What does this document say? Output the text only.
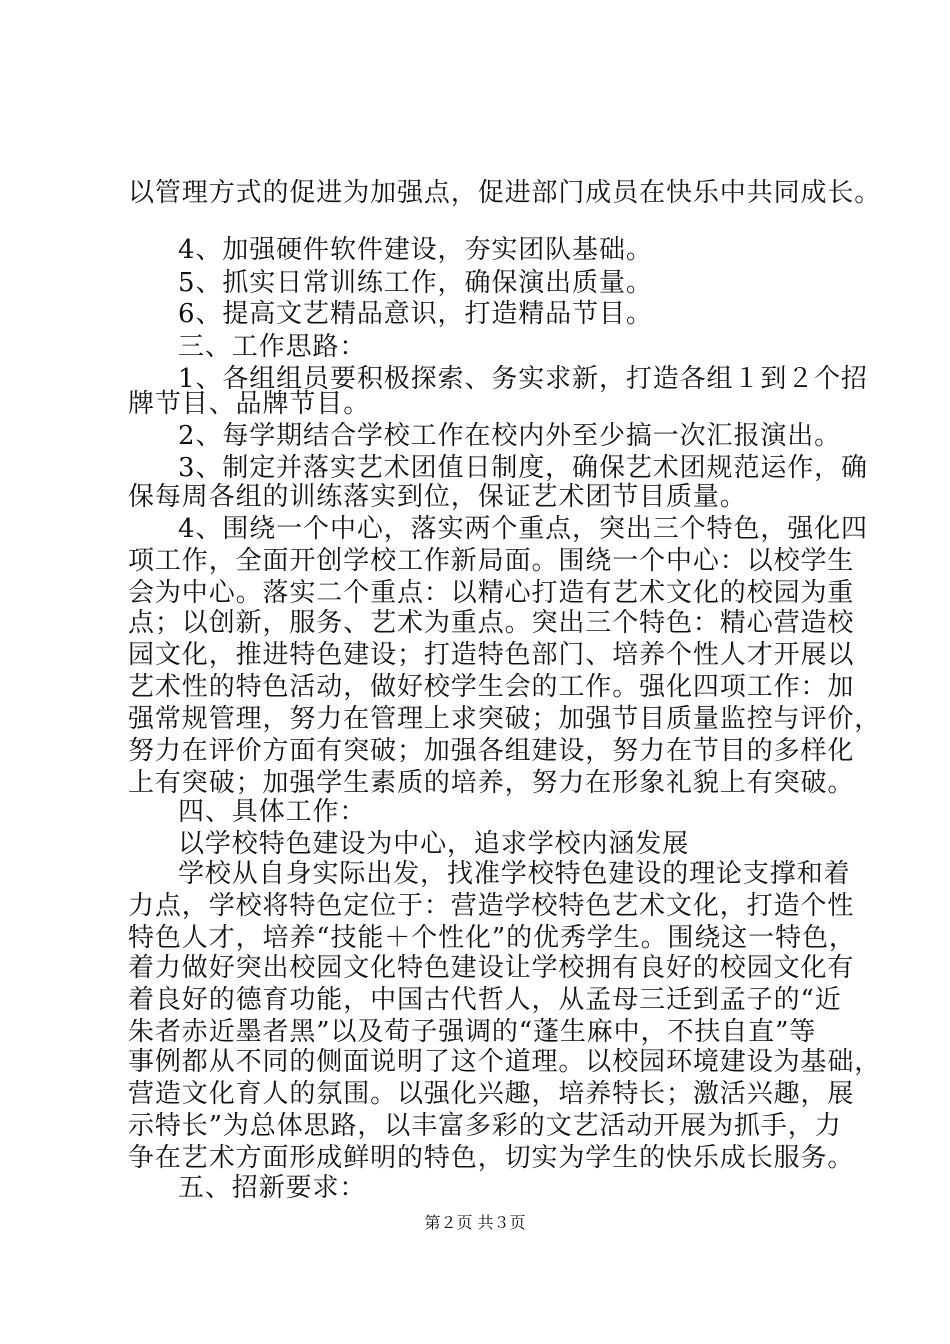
以管理方式的促进为加强点，促进部门成员在快乐中共同成长。
4、加强硬件软件建设，夯实团队基础。
5、抓实日常训练工作，确保演出质量。
6、提高文艺精品意识，打造精品节目。
三、工作思路：
1、各组组员要积极探索、务实求新，打造各组１到２个招
牌节目、品牌节目。
2、每学期结合学校工作在校内外至少搞一次汇报演出。
3、制定并落实艺术团值日制度，确保艺术团规范运作，确
保每周各组的训练落实到位，保证艺术团节目质量。
4、围绕一个中心，落实两个重点，突出三个特色，强化四
项工作，全面开创学校工作新局面。围绕一个中心：以校学生
会为中心。落实二个重点：以精心打造有艺术文化的校园为重
点；以创新，服务、艺术为重点。突出三个特色：精心营造校
园文化，推进特色建设；打造特色部门、培养个性人才开展以
艺术性的特色活动，做好校学生会的工作。强化四项工作：加
强常规管理，努力在管理上求突破；加强节目质量监控与评价，
努力在评价方面有突破；加强各组建设，努力在节目的多样化
上有突破；加强学生素质的培养，努力在形象礼貌上有突破。
四、具体工作：
以学校特色建设为中心，追求学校内涵发展
学校从自身实际出发，找准学校特色建设的理论支撑和着
力点，学校将特色定位于：营造学校特色艺术文化，打造个性
特色人才，培养“技能＋个性化”的优秀学生。围绕这一特色，
着力做好突出校园文化特色建设让学校拥有良好的校园文化有
着良好的德育功能，中国古代哲人，从孟母三迁到孟子的“近
朱者赤近墨者黑”以及荀子强调的“蓬生麻中，不扶自直”等
事例都从不同的侧面说明了这个道理。以校园环境建设为基础，
营造文化育人的氛围。以强化兴趣，培养特长；激活兴趣，展
示特长”为总体思路，以丰富多彩的文艺活动开展为抓手，力
争在艺术方面形成鲜明的特色，切实为学生的快乐成长服务。
五、招新要求：
第２页 共３页
